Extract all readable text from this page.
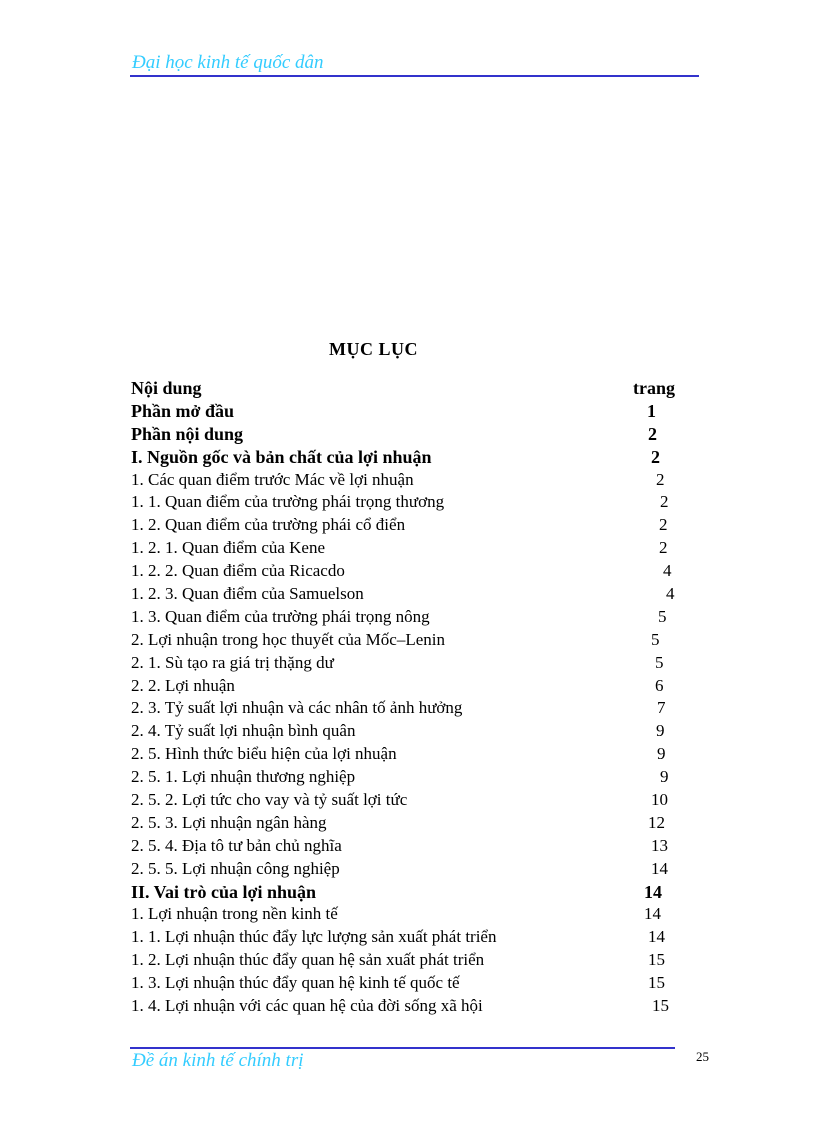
Đại học kinh tế quốc dân
MỤC LỤC
Nội dung	trang
Phần mở đầu	1
Phần nội dung	2
I. Nguồn gốc và bản chất của lợi nhuận	2
1. Các quan điểm trước Mác về lợi nhuận	2
1. 1. Quan điểm của trường phái trọng thương	2
1. 2. Quan điểm của trường phái cổ điển	2
1. 2. 1. Quan điểm của Kene	2
1. 2. 2. Quan điểm của Ricacdo	4
1. 2. 3. Quan điểm của Samuelson	4
1. 3. Quan điểm của trường phái trọng nông	5
2. Lợi nhuận trong học thuyết của Mốc–Lenin	5
2. 1. Sù tạo ra giá trị thặng dư	5
2. 2. Lợi nhuận	6
2. 3. Tỷ suất lợi nhuận và các nhân tố ảnh hưởng	7
2. 4. Tỷ suất lợi nhuận bình quân	9
2. 5. Hình thức biểu hiện của lợi nhuận	9
2. 5. 1. Lợi nhuận thương nghiệp	9
2. 5. 2. Lợi tức cho vay và tỷ suất lợi tức	10
2. 5. 3. Lợi nhuận ngân hàng	12
2. 5. 4. Địa tô tư bản chủ nghĩa	13
2. 5. 5. Lợi nhuận công nghiệp	14
II. Vai trò của lợi nhuận	14
1. Lợi nhuận trong nền kinh tế	14
1. 1. Lợi nhuận thúc đẩy lực lượng sản xuất phát triển	14
1. 2. Lợi nhuận thúc đẩy quan hệ sản xuất phát triển	15
1. 3. Lợi nhuận thúc đẩy quan hệ kinh tế quốc tế	15
1. 4. Lợi nhuận với các quan hệ của đời sống xã hội	15
Đề án kinh tế chính trị	25
